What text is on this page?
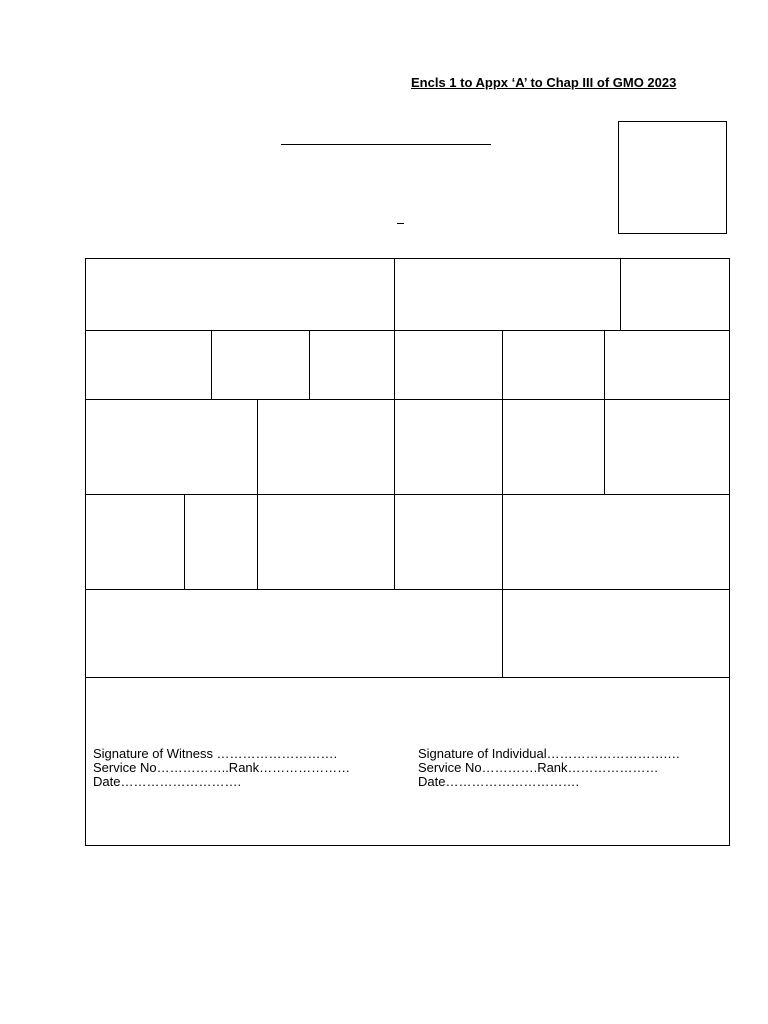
Encls 1 to Appx ‘A’ to Chap III of GMO 2023
Signature of Witness ……………………….
Service No……………..Rank…………………
Date……………………….
Signature of Individual……………………….…
Service No………….Rank…………………
Date………………………….
